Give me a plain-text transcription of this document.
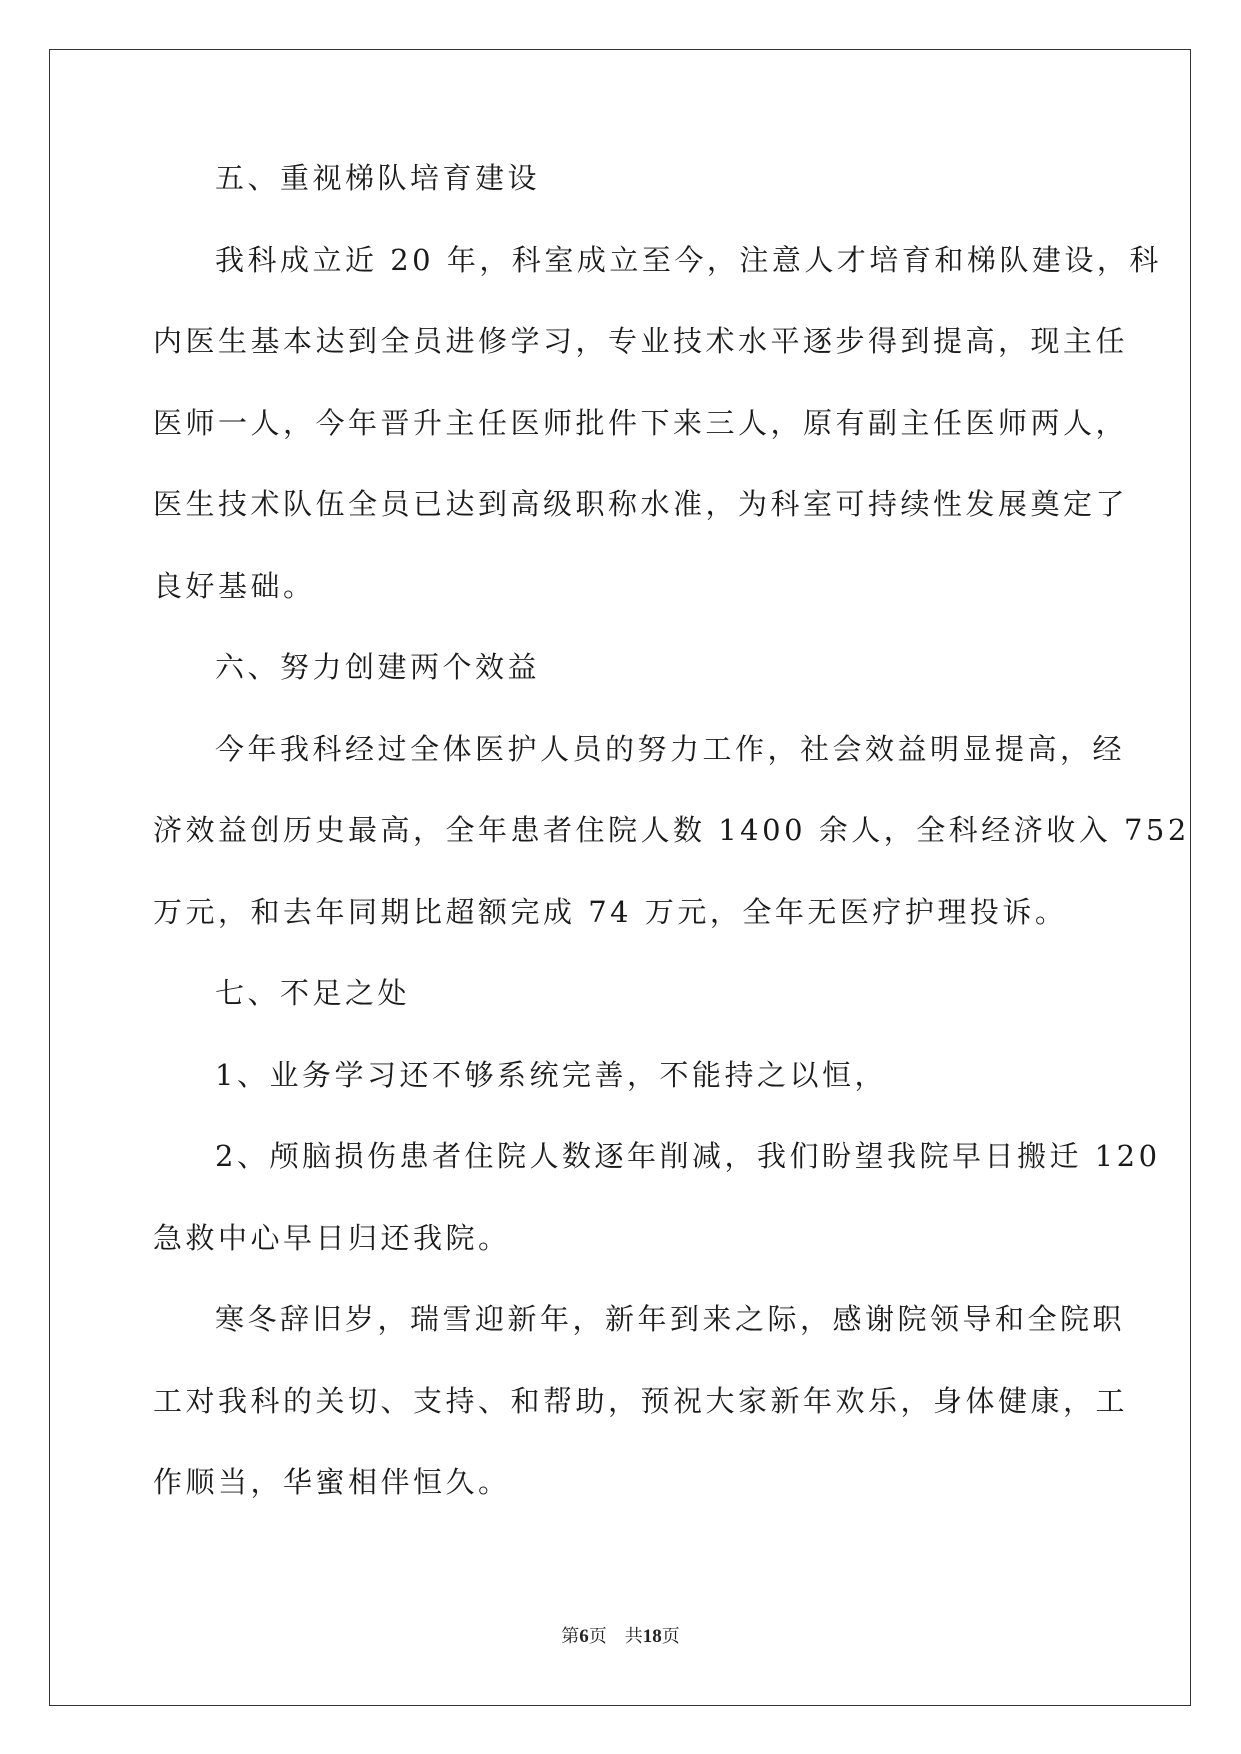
五、重视梯队培育建设
我科成立近 20 年，科室成立至今，注意人才培育和梯队建设，科
内医生基本达到全员进修学习，专业技术水平逐步得到提高，现主任
医师一人，今年晋升主任医师批件下来三人，原有副主任医师两人，
医生技术队伍全员已达到高级职称水准，为科室可持续性发展奠定了
良好基础。
六、努力创建两个效益
今年我科经过全体医护人员的努力工作，社会效益明显提高，经
济效益创历史最高，全年患者住院人数 1400 余人，全科经济收入 752
万元，和去年同期比超额完成 74 万元，全年无医疗护理投诉。
七、不足之处
1、业务学习还不够系统完善，不能持之以恒，
2、颅脑损伤患者住院人数逐年削减，我们盼望我院早日搬迁 120
急救中心早日归还我院。
寒冬辞旧岁，瑞雪迎新年，新年到来之际，感谢院领导和全院职
工对我科的关切、支持、和帮助，预祝大家新年欢乐，身体健康，工
作顺当，华蜜相伴恒久。
第6页 共18页
